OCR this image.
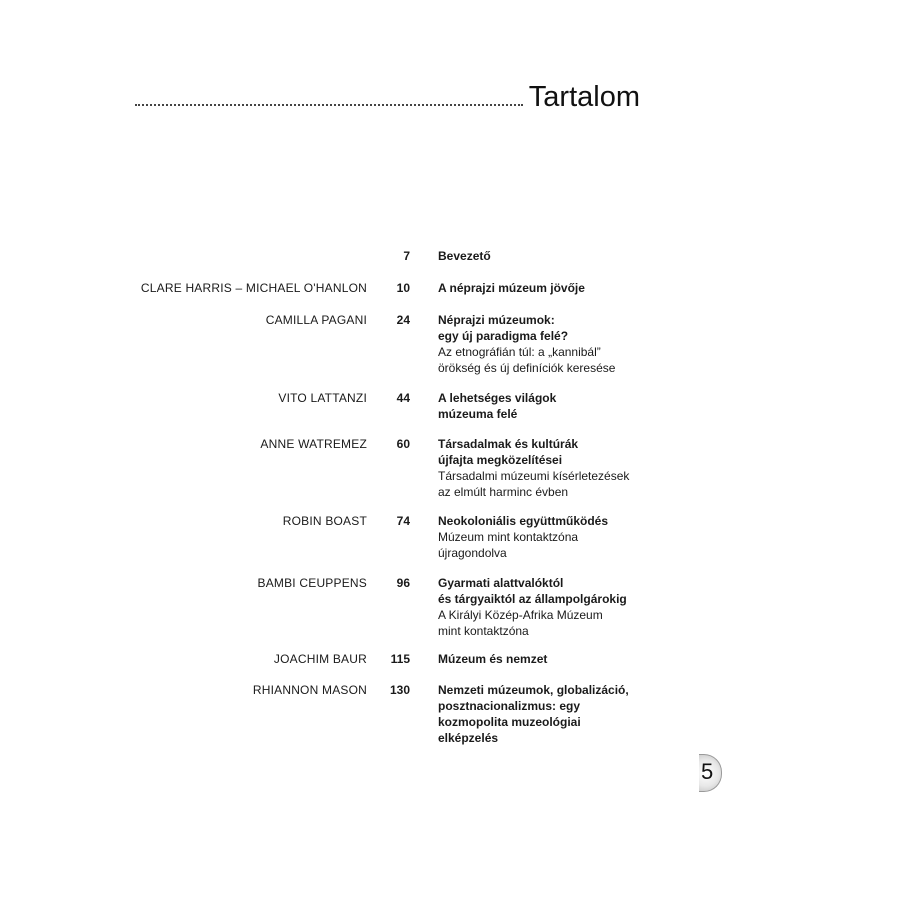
Tartalom
7 Bevezető
CLARE HARRIS – MICHAEL O'HANLON 10 A néprajzi múzeum jövője
CAMILLA PAGANI 24 Néprajzi múzeumok:
egy új paradigma felé?
Az etnográfián túl: a „kannibál”
örökség és új definíciók keresése
VITO LATTANZI 44 A lehetséges világok
múzeuma felé
ANNE WATREMEZ 60 Társadalmak és kultúrák
újfajta megközelítései
Társadalmi múzeumi kísérletezések
az elmúlt harminc évben
ROBIN BOAST 74 Neokoloniális együttműködés
Múzeum mint kontaktzóna
újragondolva
BAMBI CEUPPENS 96 Gyarmati alattvalóktól
és tárgyaiktól az állampolgárokig
A Királyi Közép-Afrika Múzeum
mint kontaktzóna
JOACHIM BAUR 115 Múzeum és nemzet
RHIANNON MASON 130 Nemzeti múzeumok, globalizáció,
posztnacionalizmus: egy
kozmopolita muzeológiai
elképzelés
5
